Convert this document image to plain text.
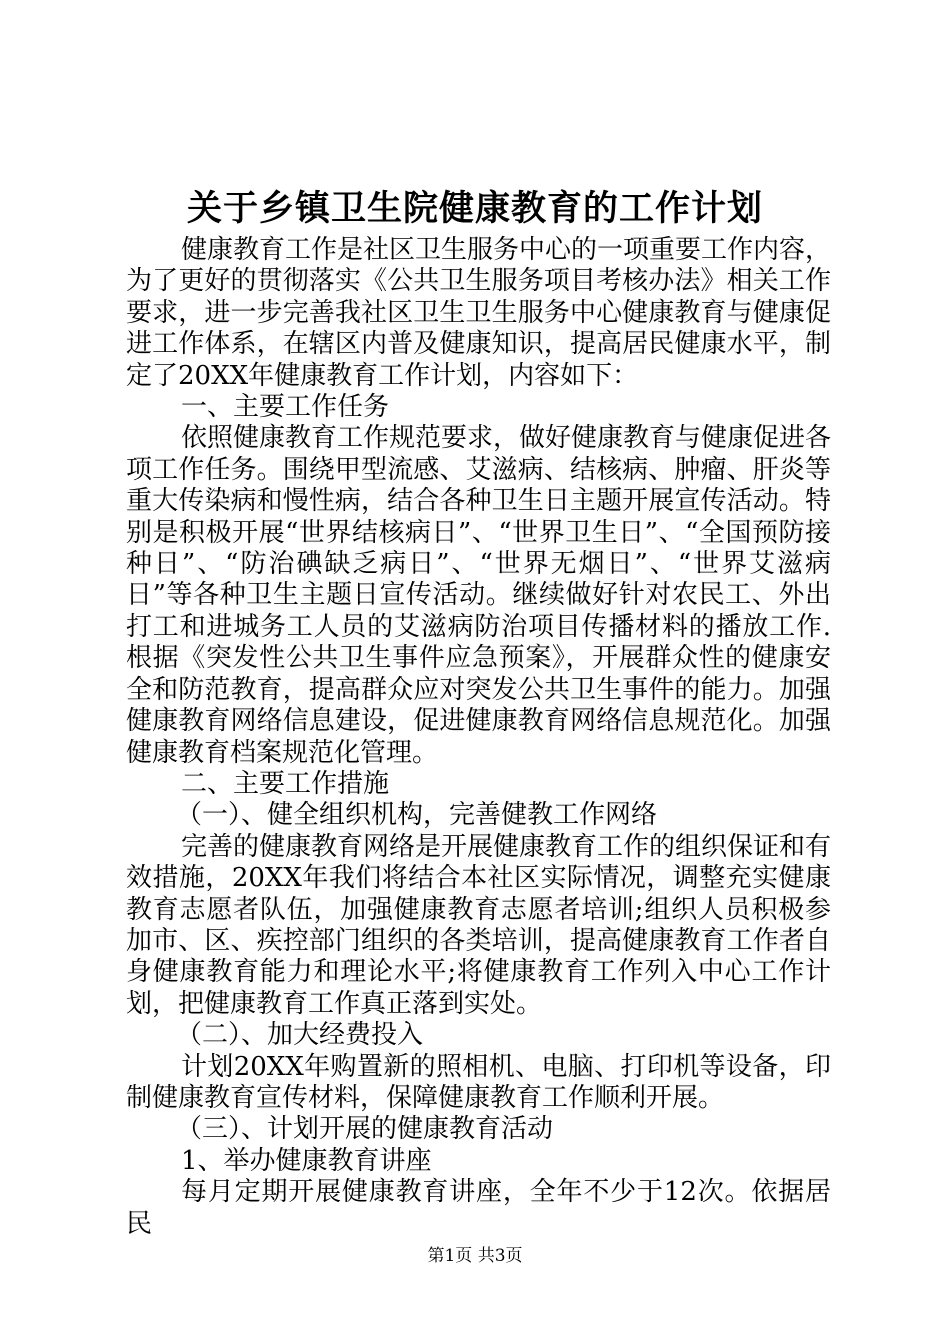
关于乡镇卫生院健康教育的工作计划

健康教育工作是社区卫生服务中心的一项重要工作内容，为了更好的贯彻落实《公共卫生服务项目考核办法》相关工作要求，进一步完善我社区卫生卫生服务中心健康教育与健康促进工作体系，在辖区内普及健康知识，提高居民健康水平，制定了20XX年健康教育工作计划，内容如下：

一、主要工作任务

依照健康教育工作规范要求，做好健康教育与健康促进各项工作任务。围绕甲型流感、艾滋病、结核病、肿瘤、肝炎等重大传染病和慢性病，结合各种卫生日主题开展宣传活动。特别是积极开展“世界结核病日”、“世界卫生日”、“全国预防接种日”、“防治碘缺乏病日”、“世界无烟日”、“世界艾滋病日”等各种卫生主题日宣传活动。继续做好针对农民工、外出打工和进城务工人员的艾滋病防治项目传播材料的播放工作.根据《突发性公共卫生事件应急预案》，开展群众性的健康安全和防范教育，提高群众应对突发公共卫生事件的能力。加强健康教育网络信息建设，促进健康教育网络信息规范化。加强健康教育档案规范化管理。

二、主要工作措施

（一）、健全组织机构，完善健教工作网络

完善的健康教育网络是开展健康教育工作的组织保证和有效措施，20XX年我们将结合本社区实际情况，调整充实健康教育志愿者队伍，加强健康教育志愿者培训;组织人员积极参加市、区、疾控部门组织的各类培训，提高健康教育工作者自身健康教育能力和理论水平;将健康教育工作列入中心工作计划，把健康教育工作真正落到实处。

（二）、加大经费投入

计划20XX年购置新的照相机、电脑、打印机等设备，印制健康教育宣传材料，保障健康教育工作顺利开展。

（三）、计划开展的健康教育活动

1、举办健康教育讲座

每月定期开展健康教育讲座，全年不少于12次。依据居民

第1页 共3页
